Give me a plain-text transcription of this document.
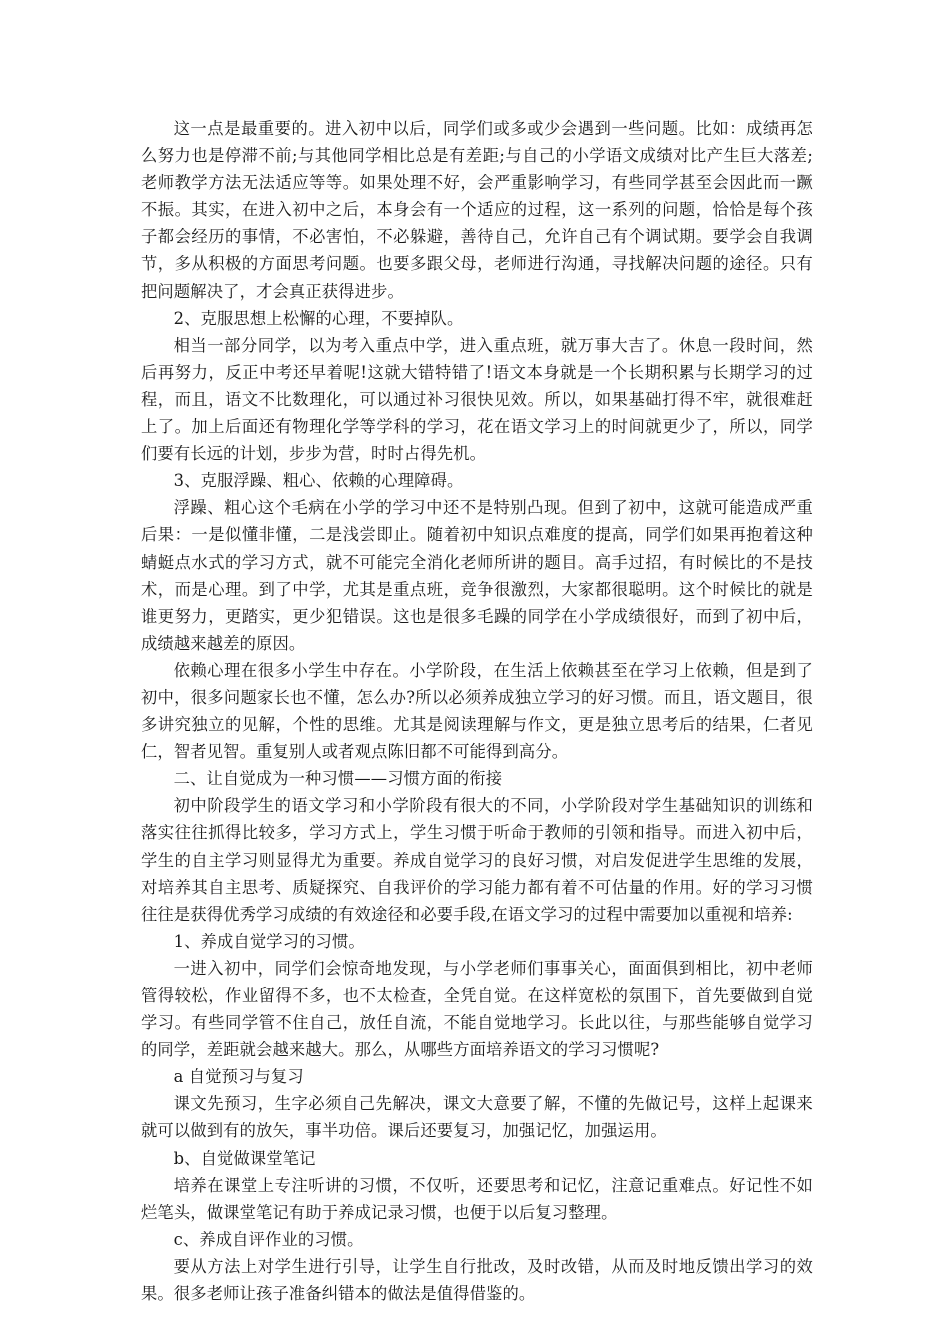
这一点是最重要的。进入初中以后，同学们或多或少会遇到一些问题。比如：成绩再怎么努力也是停滞不前;与其他同学相比总是有差距;与自己的小学语文成绩对比产生巨大落差;老师教学方法无法适应等等。如果处理不好，会严重影响学习，有些同学甚至会因此而一蹶不振。其实，在进入初中之后，本身会有一个适应的过程，这一系列的问题，恰恰是每个孩子都会经历的事情，不必害怕，不必躲避，善待自己，允许自己有个调试期。要学会自我调节，多从积极的方面思考问题。也要多跟父母，老师进行沟通，寻找解决问题的途径。只有把问题解决了，才会真正获得进步。

2、克服思想上松懈的心理，不要掉队。

相当一部分同学，以为考入重点中学，进入重点班，就万事大吉了。休息一段时间，然后再努力，反正中考还早着呢!这就大错特错了!语文本身就是一个长期积累与长期学习的过程，而且，语文不比数理化，可以通过补习很快见效。所以，如果基础打得不牢，就很难赶上了。加上后面还有物理化学等学科的学习，花在语文学习上的时间就更少了，所以，同学们要有长远的计划，步步为营，时时占得先机。

3、克服浮躁、粗心、依赖的心理障碍。

浮躁、粗心这个毛病在小学的学习中还不是特别凸现。但到了初中，这就可能造成严重后果：一是似懂非懂，二是浅尝即止。随着初中知识点难度的提高，同学们如果再抱着这种蜻蜓点水式的学习方式，就不可能完全消化老师所讲的题目。高手过招，有时候比的不是技术，而是心理。到了中学，尤其是重点班，竞争很激烈，大家都很聪明。这个时候比的就是谁更努力，更踏实，更少犯错误。这也是很多毛躁的同学在小学成绩很好，而到了初中后，成绩越来越差的原因。

依赖心理在很多小学生中存在。小学阶段，在生活上依赖甚至在学习上依赖，但是到了初中，很多问题家长也不懂，怎么办?所以必须养成独立学习的好习惯。而且，语文题目，很多讲究独立的见解，个性的思维。尤其是阅读理解与作文，更是独立思考后的结果，仁者见仁，智者见智。重复别人或者观点陈旧都不可能得到高分。

二、让自觉成为一种习惯——习惯方面的衔接

初中阶段学生的语文学习和小学阶段有很大的不同，小学阶段对学生基础知识的训练和落实往往抓得比较多，学习方式上，学生习惯于听命于教师的引领和指导。而进入初中后，学生的自主学习则显得尤为重要。养成自觉学习的良好习惯，对启发促进学生思维的发展，对培养其自主思考、质疑探究、自我评价的学习能力都有着不可估量的作用。好的学习习惯往往是获得优秀学习成绩的有效途径和必要手段,在语文学习的过程中需要加以重视和培养:

1、养成自觉学习的习惯。

一进入初中，同学们会惊奇地发现，与小学老师们事事关心，面面俱到相比，初中老师管得较松，作业留得不多，也不太检查，全凭自觉。在这样宽松的氛围下，首先要做到自觉学习。有些同学管不住自己，放任自流，不能自觉地学习。长此以往，与那些能够自觉学习的同学，差距就会越来越大。那么，从哪些方面培养语文的学习习惯呢?

a 自觉预习与复习

课文先预习，生字必须自己先解决，课文大意要了解，不懂的先做记号，这样上起课来就可以做到有的放矢，事半功倍。课后还要复习，加强记忆，加强运用。

b、自觉做课堂笔记

培养在课堂上专注听讲的习惯，不仅听，还要思考和记忆，注意记重难点。好记性不如烂笔头，做课堂笔记有助于养成记录习惯，也便于以后复习整理。

c、养成自评作业的习惯。

要从方法上对学生进行引导，让学生自行批改，及时改错，从而及时地反馈出学习的效果。很多老师让孩子准备纠错本的做法是值得借鉴的。
